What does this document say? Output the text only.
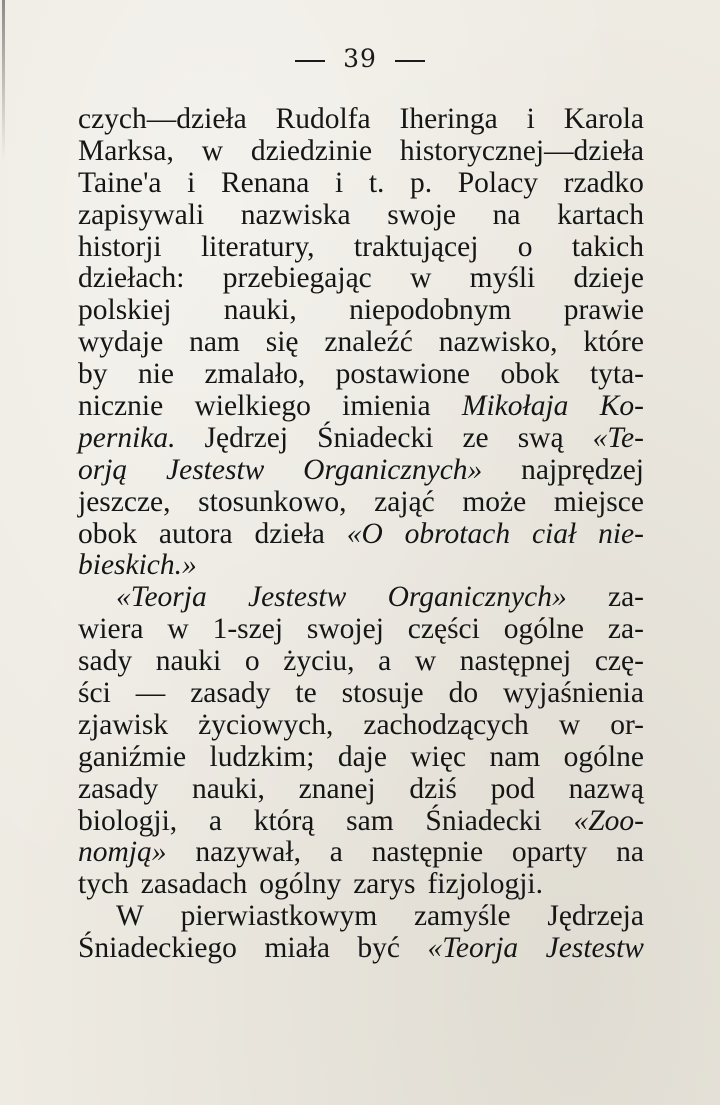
39
czych—dzieła Rudolfa Iheringa i Karola
Marksa, w dziedzinie historycznej—dzieła
Taine'a i Renana i t. p. Polacy rzadko
zapisywali nazwiska swoje na kartach
historji literatury, traktującej o takich
dziełach: przebiegając w myśli dzieje
polskiej nauki, niepodobnym prawie
wydaje nam się znaleźć nazwisko, które
by nie zmalało, postawione obok tyta-
nicznie wielkiego imienia Mikołaja Ko-
pernika. Jędrzej Śniadecki ze swą «Te-
orją Jestestw Organicznych» najprędzej
jeszcze, stosunkowo, zająć może miejsce
obok autora dzieła «O obrotach ciał nie-
bieskich.»
«Teorja Jestestw Organicznych» za-
wiera w 1-szej swojej części ogólne za-
sady nauki o życiu, a w następnej czę-
ści — zasady te stosuje do wyjaśnienia
zjawisk życiowych, zachodzących w or-
ganiźmie ludzkim; daje więc nam ogólne
zasady nauki, znanej dziś pod nazwą
biologji, a którą sam Śniadecki «Zoo-
nomją» nazywał, a następnie oparty na
tych zasadach ogólny zarys fizjologji.
W pierwiastkowym zamyśle Jędrzeja
Śniadeckiego miała być «Teorja Jestestw
